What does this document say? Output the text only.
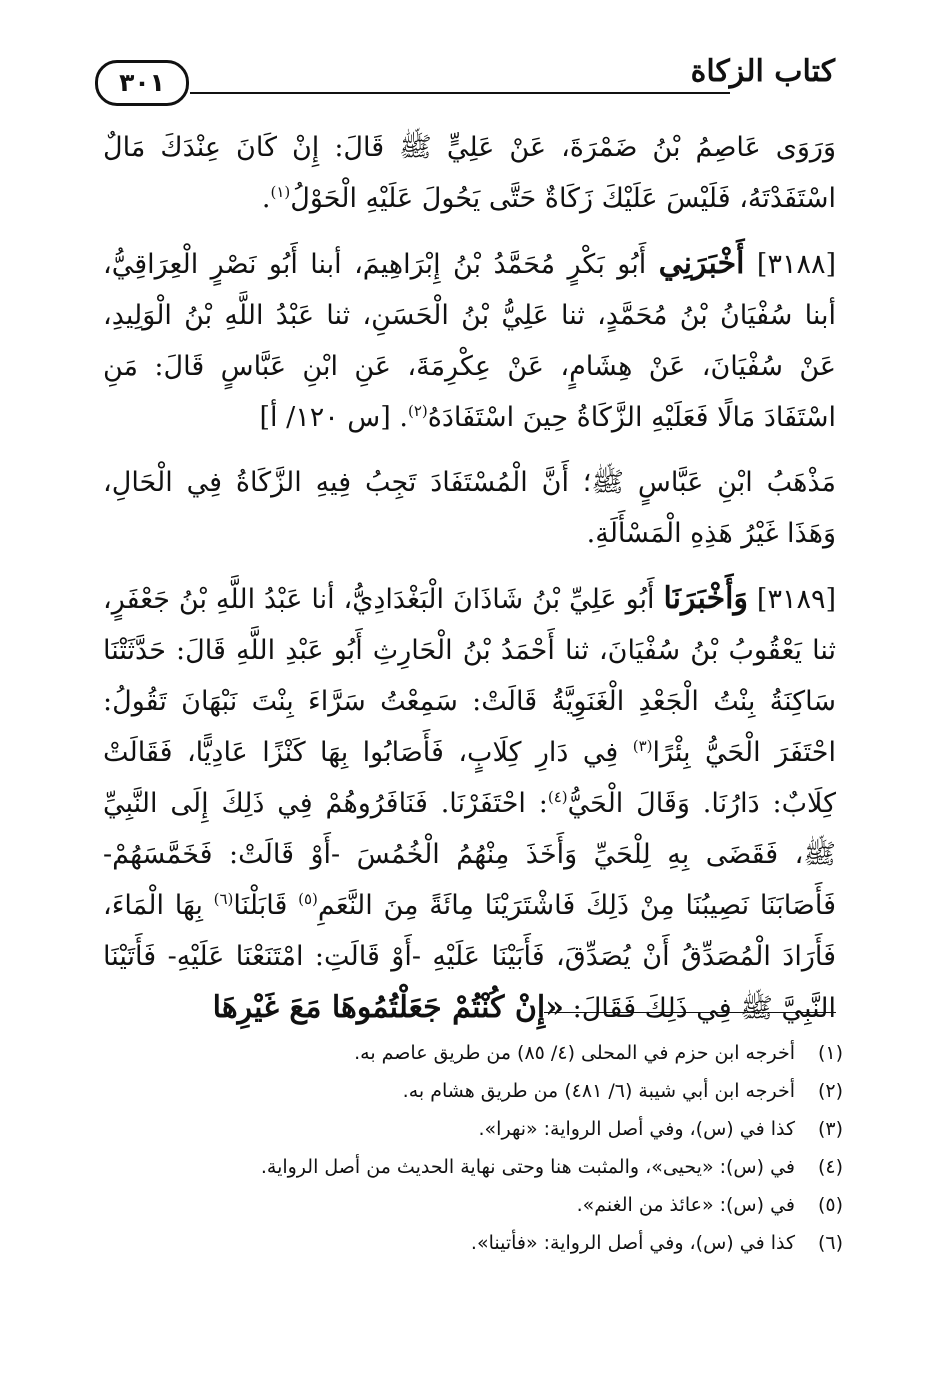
كتاب الزكاة
٣٠١

وَرَوَى عَاصِمُ بْنُ ضَمْرَةَ، عَنْ عَلِيٍّ ﷺ قَالَ: إِنْ كَانَ عِنْدَكَ مَالٌ اسْتَفَدْتَهُ، فَلَيْسَ عَلَيْكَ زَكَاةٌ حَتَّى يَحُولَ عَلَيْهِ الْحَوْلُ$^{(١)}$.

[٣١٨٨] أَخْبَرَنِي أَبُو بَكْرٍ مُحَمَّدُ بْنُ إِبْرَاهِيمَ، أبنا أَبُو نَصْرٍ الْعِرَاقِيُّ، أبنا سُفْيَانُ بْنُ مُحَمَّدٍ، ثنا عَلِيُّ بْنُ الْحَسَنِ، ثنا عَبْدُ اللَّهِ بْنُ الْوَلِيدِ، عَنْ سُفْيَانَ، عَنْ هِشَامٍ، عَنْ عِكْرِمَةَ، عَنِ ابْنِ عَبَّاسٍ قَالَ: مَنِ اسْتَفَادَ مَالًا فَعَلَيْهِ الزَّكَاةُ حِينَ اسْتَفَادَهُ$^{(٢)}$. [س ١٢٠/ أ]

مَذْهَبُ ابْنِ عَبَّاسٍ ﷺ؛ أَنَّ الْمُسْتَفَادَ تَجِبُ فِيهِ الزَّكَاةُ فِي الْحَالِ، وَهَذَا غَيْرُ هَذِهِ الْمَسْأَلَةِ.

[٣١٨٩] وَأَخْبَرَنَا أَبُو عَلِيِّ بْنُ شَاذَانَ الْبَغْدَادِيُّ، أنا عَبْدُ اللَّهِ بْنُ جَعْفَرٍ، ثنا يَعْقُوبُ بْنُ سُفْيَانَ، ثنا أَحْمَدُ بْنُ الْحَارِثِ أَبُو عَبْدِ اللَّهِ قَالَ: حَدَّثَتْنَا سَاكِنَةُ بِنْتُ الْجَعْدِ الْغَنَوِيَّةُ قَالَتْ: سَمِعْتُ سَرَّاءَ بِنْتَ نَبْهَانَ تَقُولُ: احْتَفَرَ الْحَيُّ بِئْرًا$^{(٣)}$ فِي دَارِ كِلَابٍ، فَأَصَابُوا بِهَا كَنْزًا عَادِيًّا، فَقَالَتْ كِلَابٌ: دَارُنَا. وَقَالَ الْحَيُّ$^{(٤)}$: احْتَفَرْنَا. فَنَافَرُوهُمْ فِي ذَلِكَ إِلَى النَّبِيِّ ﷺ، فَقَضَى بِهِ لِلْحَيِّ وَأَخَذَ مِنْهُمُ الْخُمُسَ -أَوْ قَالَتْ: فَخَمَّسَهُمْ- فَأَصَابَنَا نَصِيبُنَا مِنْ ذَلِكَ فَاشْتَرَيْنَا مِائَةً مِنَ النَّعَمِ$^{(٥)}$ قَابَلْنَا$^{(٦)}$ بِهَا الْمَاءَ، فَأَرَادَ الْمُصَدِّقُ أَنْ يُصَدِّقَ، فَأَبَيْنَا عَلَيْهِ -أَوْ قَالَتِ: امْتَنَعْنَا عَلَيْهِ- فَأَتَيْنَا النَّبِيَّ ﷺ فِي ذَلِكَ فَقَالَ: «إِنْ كُنْتُمْ جَعَلْتُمُوهَا مَعَ غَيْرِهَا

(١)
أخرجه ابن حزم في المحلى (٤/ ٨٥) من طريق عاصم به.
(٢)
أخرجه ابن أبي شيبة (٦/ ٤٨١) من طريق هشام به.
(٣)
كذا في (س)، وفي أصل الرواية: «نهرا».
(٤)
في (س): «يحيى»، والمثبت هنا وحتى نهاية الحديث من أصل الرواية.
(٥)
في (س): «عائذ من الغنم».
(٦)
كذا في (س)، وفي أصل الرواية: «فأتينا».
